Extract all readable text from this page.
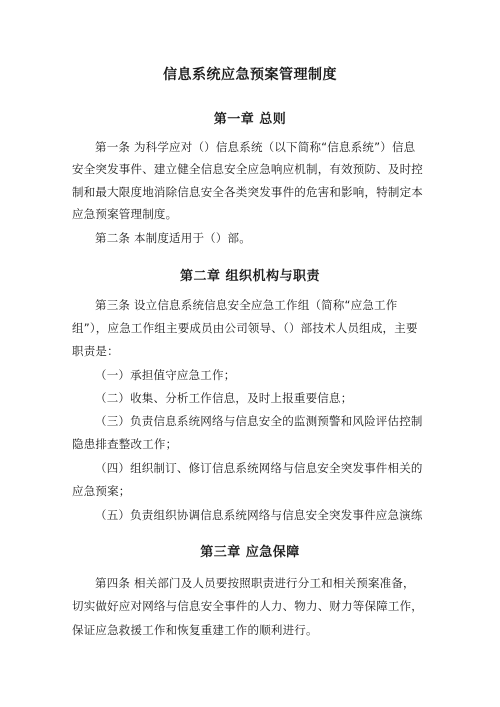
信息系统应急预案管理制度
第一章 总则
第一条 为科学应对（）信息系统（以下简称“信息系统”）信息
安全突发事件、建立健全信息安全应急响应机制，有效预防、及时控
制和最大限度地消除信息安全各类突发事件的危害和影响，特制定本
应急预案管理制度。
第二条 本制度适用于（）部。
第二章 组织机构与职责
第三条 设立信息系统信息安全应急工作组（简称“应急工作
组”），应急工作组主要成员由公司领导、（）部技术人员组成，主要
职责是：
（一）承担值守应急工作；
（二）收集、分析工作信息，及时上报重要信息；
（三）负责信息系统网络与信息安全的监测预警和风险评估控制
隐患排查整改工作；
（四）组织制订、修订信息系统网络与信息安全突发事件相关的
应急预案；
（五）负责组织协调信息系统网络与信息安全突发事件应急演练
第三章 应急保障
第四条 相关部门及人员要按照职责进行分工和相关预案准备，
切实做好应对网络与信息安全事件的人力、物力、财力等保障工作，
保证应急救援工作和恢复重建工作的顺利进行。
